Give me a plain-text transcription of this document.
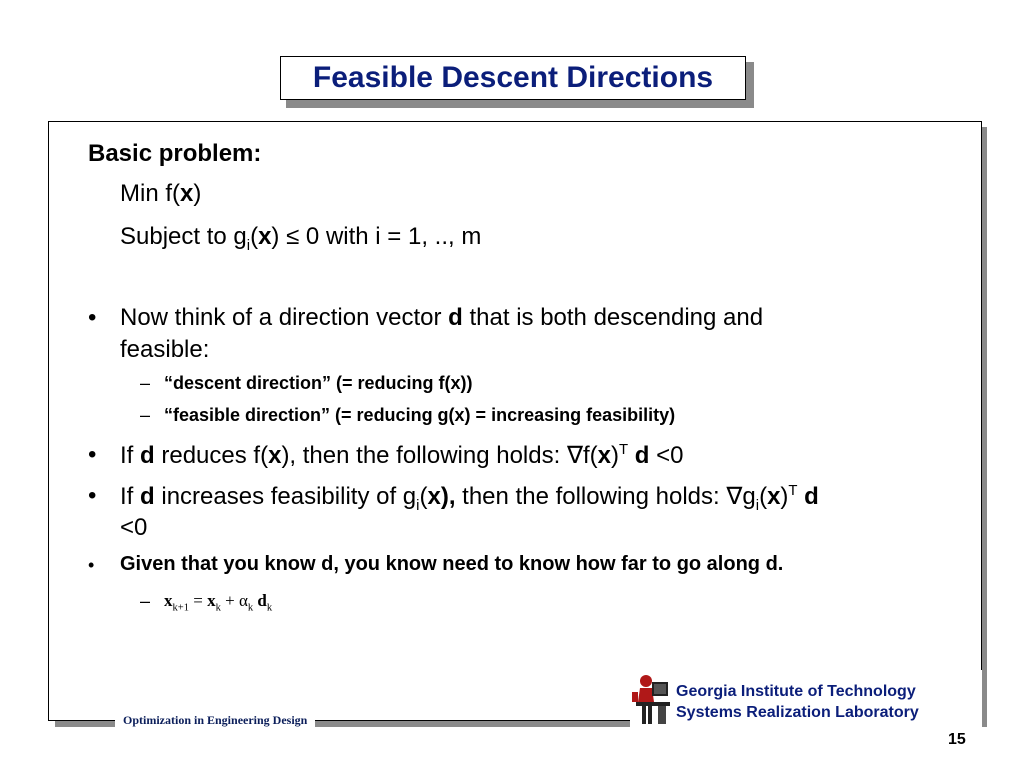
Feasible Descent Directions
Basic problem:
Min f(x)
Subject to $g_i(x) \le 0$ with i = 1, .., m
• Now think of a direction vector d that is both descending and
feasible:
– “descent direction” (= reducing f(x))
– “feasible direction” (= reducing g(x) = increasing feasibility)
• If d reduces f(x), then the following holds: $\nabla f(x)^T$ d <0
• If d increases feasibility of $g_i(x)$, then the following holds: $\nabla g_i(x)^T$ d
<0
• Given that you know d, you know need to know how far to go along d.
– $x_{k+1} = x_k + \alpha_k$ $d_k$
Optimization in Engineering Design
Georgia Institute of Technology
Systems Realization Laboratory
15
